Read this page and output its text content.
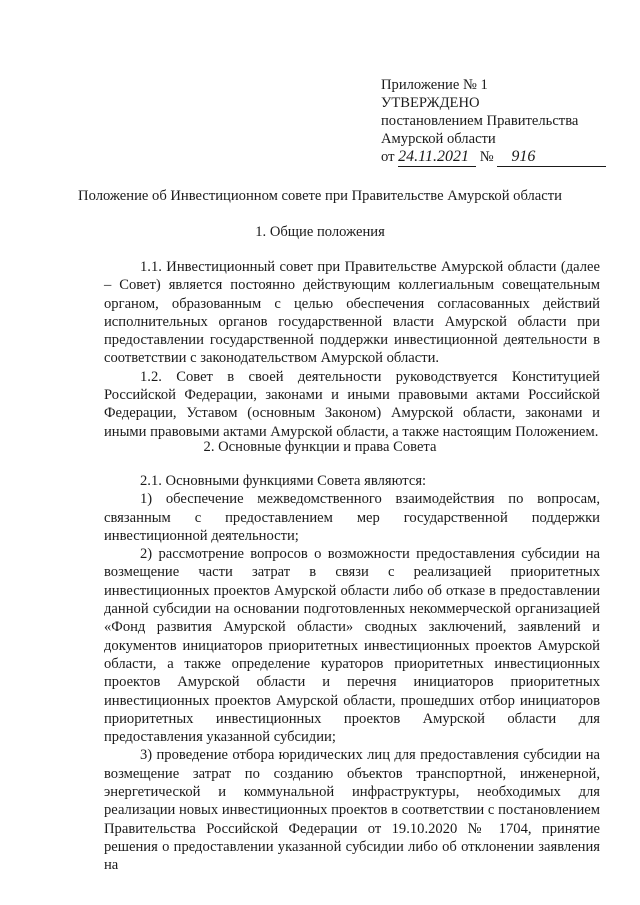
Приложение № 1
УТВЕРЖДЕНО
постановлением Правительства
Амурской области
от 24.11.2021 № 916
Положение об Инвестиционном совете при Правительстве Амурской области
1. Общие положения

1.1. Инвестиционный совет при Правительстве Амурской области (далее – Совет) является постоянно действующим коллегиальным совещательным органом, образованным с целью обеспечения согласованных действий исполнительных органов государственной власти Амурской области при предоставлении государственной поддержки инвестиционной деятельности в соответствии с законодательством Амурской области.

1.2. Совет в своей деятельности руководствуется Конституцией Российской Федерации, законами и иными правовыми актами Российской Федерации, Уставом (основным Законом) Амурской области, законами и иными правовыми актами Амурской области, а также настоящим Положением.

2. Основные функции и права Совета

2.1. Основными функциями Совета являются:

1) обеспечение межведомственного взаимодействия по вопросам, связанным с предоставлением мер государственной поддержки инвестиционной деятельности;

2) рассмотрение вопросов о возможности предоставления субсидии на возмещение части затрат в связи с реализацией приоритетных инвестиционных проектов Амурской области либо об отказе в предоставлении данной субсидии на основании подготовленных некоммерческой организацией «Фонд развития Амурской области» сводных заключений, заявлений и документов инициаторов приоритетных инвестиционных проектов Амурской области, а также определение кураторов приоритетных инвестиционных проектов Амурской области и перечня инициаторов приоритетных инвестиционных проектов Амурской области, прошедших отбор инициаторов приоритетных инвестиционных проектов Амурской области для предоставления указанной субсидии;

3) проведение отбора юридических лиц для предоставления субсидии на возмещение затрат по созданию объектов транспортной, инженерной, энергетической и коммунальной инфраструктуры, необходимых для реализации новых инвестиционных проектов в соответствии с постановлением Правительства Российской Федерации от 19.10.2020 № 1704, принятие решения о предоставлении указанной субсидии либо об отклонении заявления на
